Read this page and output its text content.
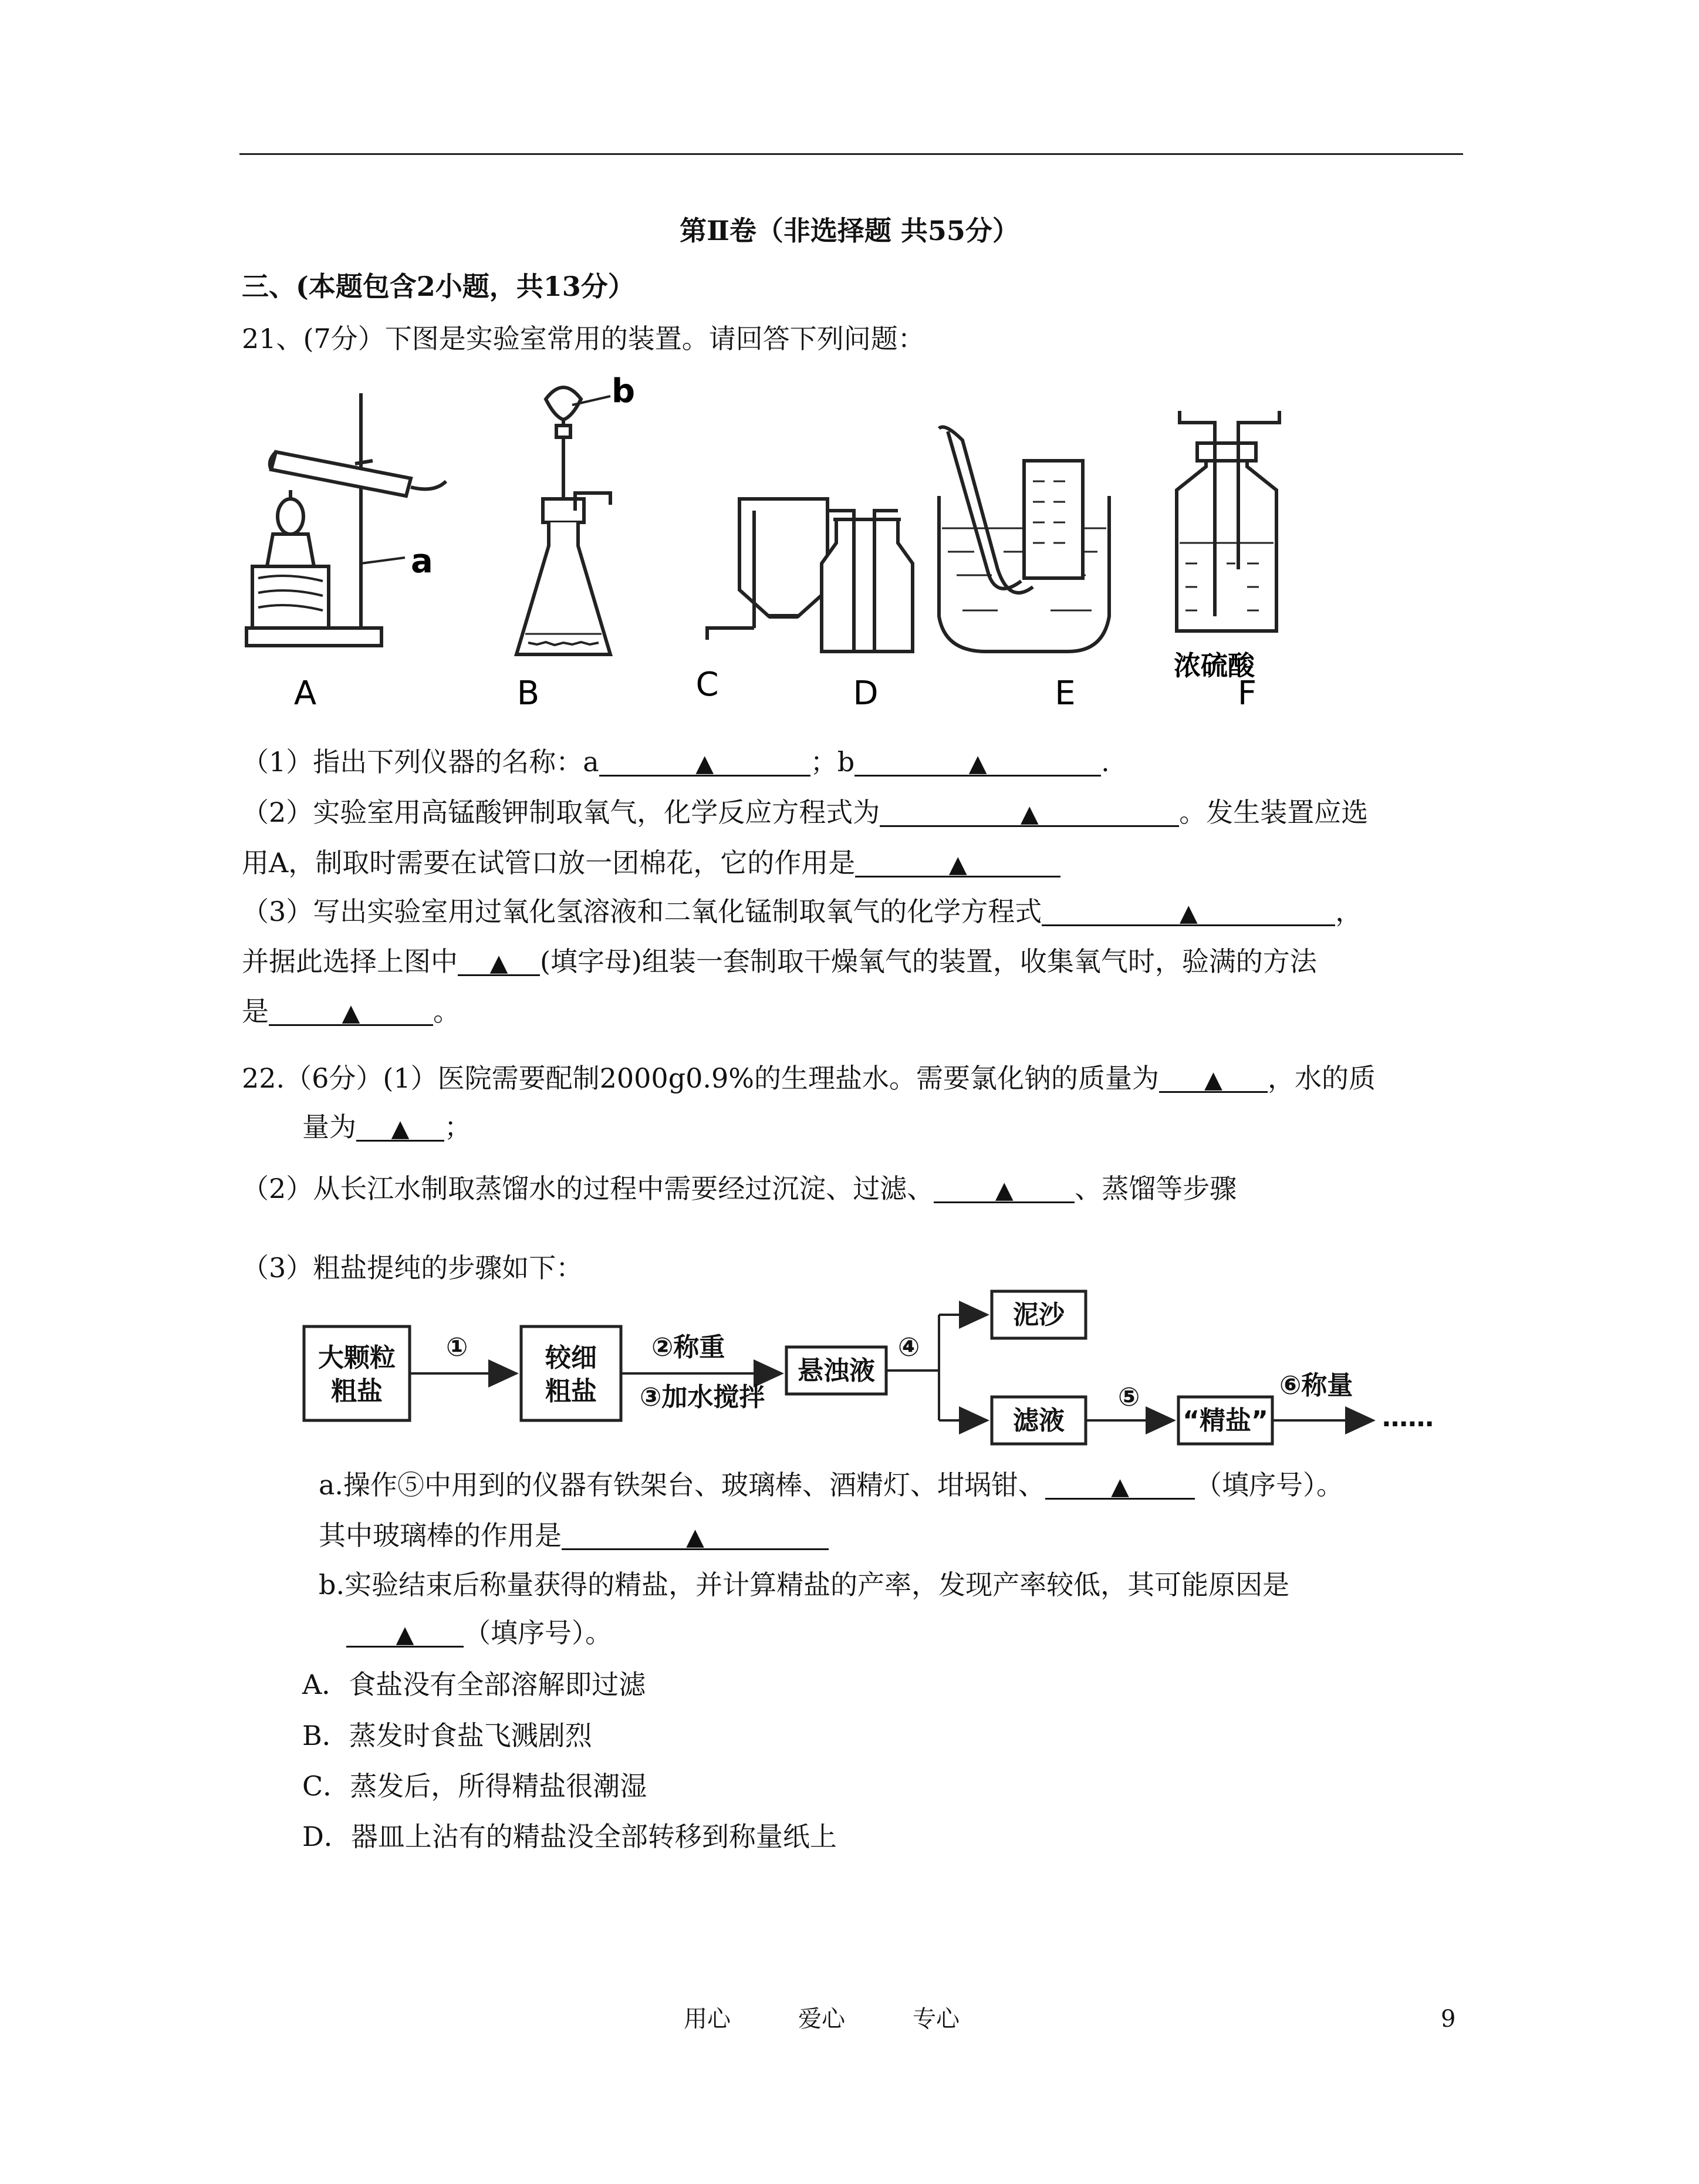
第Ⅱ卷（非选择题 共55分）
三、(本题包含2小题，共13分）
21、(7分）下图是实验室常用的装置。请回答下列问题：
a
b
浓硫酸
A	B	C	D	E	F
（1）指出下列仪器的名称：a	▲	；b	▲	.
（2）实验室用高锰酸钾制取氧气，化学反应方程式为	▲	。发生装置应选
用A，制取时需要在试管口放一团棉花，它的作用是	▲
（3）写出实验室用过氧化氢溶液和二氧化锰制取氧气的化学方程式	▲	，
并据此选择上图中 ▲ (填字母)组装一套制取干燥氧气的装置，收集氧气时，验满的方法
是	▲	。
22.（6分）(1）医院需要配制2000g0.9%的生理盐水。需要氯化钠的质量为 ▲ ，水的质
量为 ▲ ；
（2）从长江水制取蒸馏水的过程中需要经过沉淀、过滤、	▲ 、蒸馏等步骤
（3）粗盐提纯的步骤如下：
大颗粒
粗盐
较细
粗盐
悬浊液
泥沙
滤液	“精盐”
①	②称重
③加水搅拌
④
⑤	⑥称量
……
a.操作⑤中用到的仪器有铁架台、玻璃棒、酒精灯、坩埚钳、	▲ （填序号）。
其中玻璃棒的作用是	▲
b.实验结束后称量获得的精盐，并计算精盐的产率，发现产率较低，其可能原因是
▲ （填序号）。
A．食盐没有全部溶解即过滤
B．蒸发时食盐飞溅剧烈
C．蒸发后，所得精盐很潮湿
D．器皿上沾有的精盐没全部转移到称量纸上
用心	爱心	专心	9
